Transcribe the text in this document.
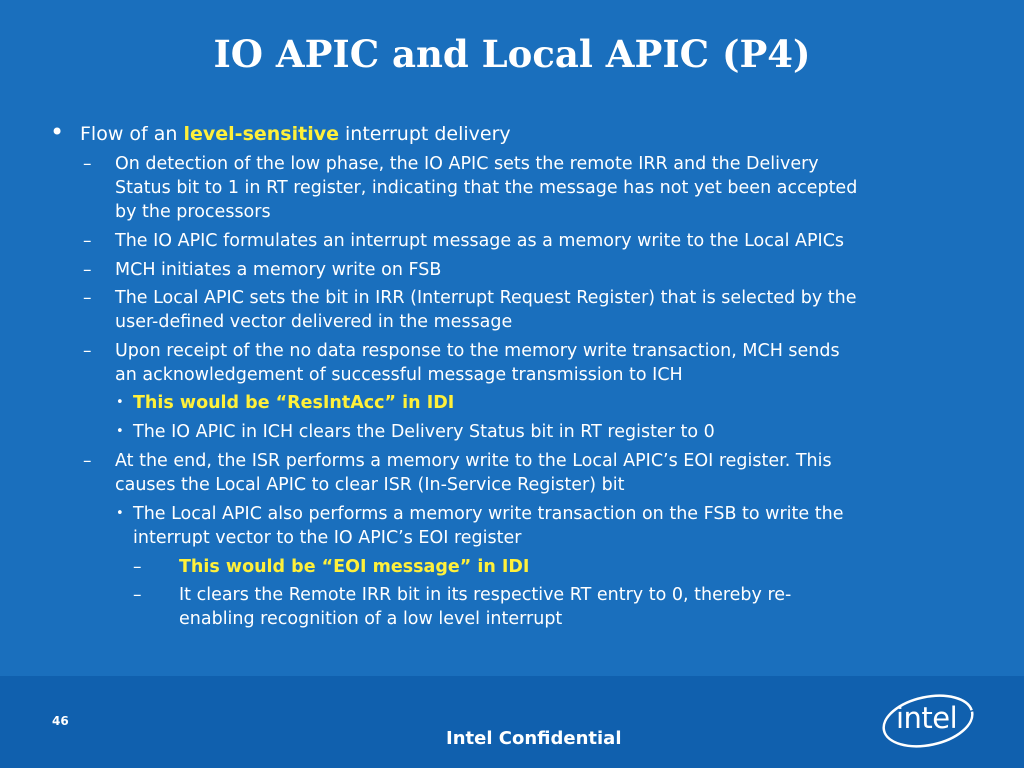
IO APIC and Local APIC (P4)
• Flow of an level-sensitive interrupt delivery

– On detection of the low phase, the IO APIC sets the remote IRR and the Delivery

Status bit to 1 in RT register, indicating that the message has not yet been accepted

by the processors

– The IO APIC formulates an interrupt message as a memory write to the Local APICs

– MCH initiates a memory write on FSB

– The Local APIC sets the bit in IRR (Interrupt Request Register) that is selected by the

user-defined vector delivered in the message

– Upon receipt of the no data response to the memory write transaction, MCH sends

an acknowledgement of successful message transmission to ICH

• This would be “ResIntAcc” in IDI

• The IO APIC in ICH clears the Delivery Status bit in RT register to 0

– At the end, the ISR performs a memory write to the Local APIC’s EOI register. This

causes the Local APIC to clear ISR (In-Service Register) bit

• The Local APIC also performs a memory write transaction on the FSB to write the

interrupt vector to the IO APIC’s EOI register

– This would be “EOI message” in IDI

– It clears the Remote IRR bit in its respective RT entry to 0, thereby re-

enabling recognition of a low level interrupt

46
Intel Confidential
intel
